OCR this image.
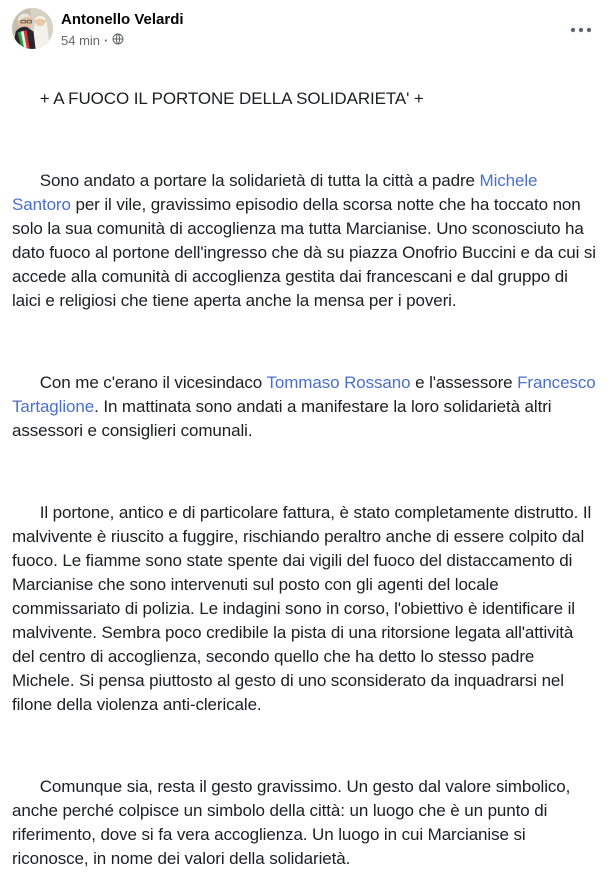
Antonello Velardi
54 min ·

+ A FUOCO IL PORTONE DELLA SOLIDARIETA' +

Sono andato a portare la solidarietà di tutta la città a padre Michele Santoro per il vile, gravissimo episodio della scorsa notte che ha toccato non solo la sua comunità di accoglienza ma tutta Marcianise. Uno sconosciuto ha dato fuoco al portone dell'ingresso che dà su piazza Onofrio Buccini e da cui si accede alla comunità di accoglienza gestita dai francescani e dal gruppo di laici e religiosi che tiene aperta anche la mensa per i poveri.

Con me c'erano il vicesindaco Tommaso Rossano e l'assessore Francesco Tartaglione. In mattinata sono andati a manifestare la loro solidarietà altri assessori e consiglieri comunali.

Il portone, antico e di particolare fattura, è stato completamente distrutto. Il malvivente è riuscito a fuggire, rischiando peraltro anche di essere colpito dal fuoco. Le fiamme sono state spente dai vigili del fuoco del distaccamento di Marcianise che sono intervenuti sul posto con gli agenti del locale commissariato di polizia. Le indagini sono in corso, l'obiettivo è identificare il malvivente. Sembra poco credibile la pista di una ritorsione legata all'attività del centro di accoglienza, secondo quello che ha detto lo stesso padre Michele. Si pensa piuttosto al gesto di uno sconsiderato da inquadrarsi nel filone della violenza anti-clericale.

Comunque sia, resta il gesto gravissimo. Un gesto dal valore simbolico, anche perché colpisce un simbolo della città: un luogo che è un punto di riferimento, dove si fa vera accoglienza. Un luogo in cui Marcianise si riconosce, in nome dei valori della solidarietà.
